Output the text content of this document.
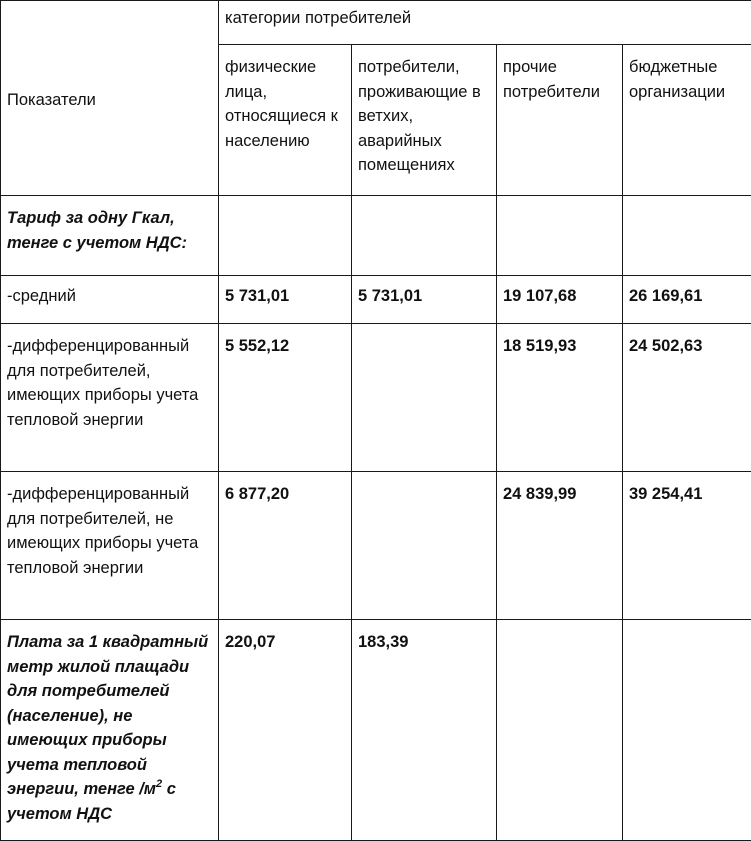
Показатели	категории потребителей			
	физические лица, относящиеся к населению	потребители, проживающие в ветхих, аварийных помещениях	прочие потребители	бюджетные организации
Тариф за одну Гкал, тенге с учетом НДС:				
-средний	5 731,01	5 731,01	19 107,68	26 169,61
-дифференцированный для потребителей, имеющих приборы учета тепловой энергии	5 552,12		18 519,93	24 502,63
-дифференцированный для потребителей, не имеющих приборы учета тепловой энергии	6 877,20		24 839,99	39 254,41
Плата за 1 квадратный метр жилой плащади для потребителей (население), не имеющих приборы учета тепловой энергии, тенге $/м^2$ с учетом НДС	220,07	183,39		
